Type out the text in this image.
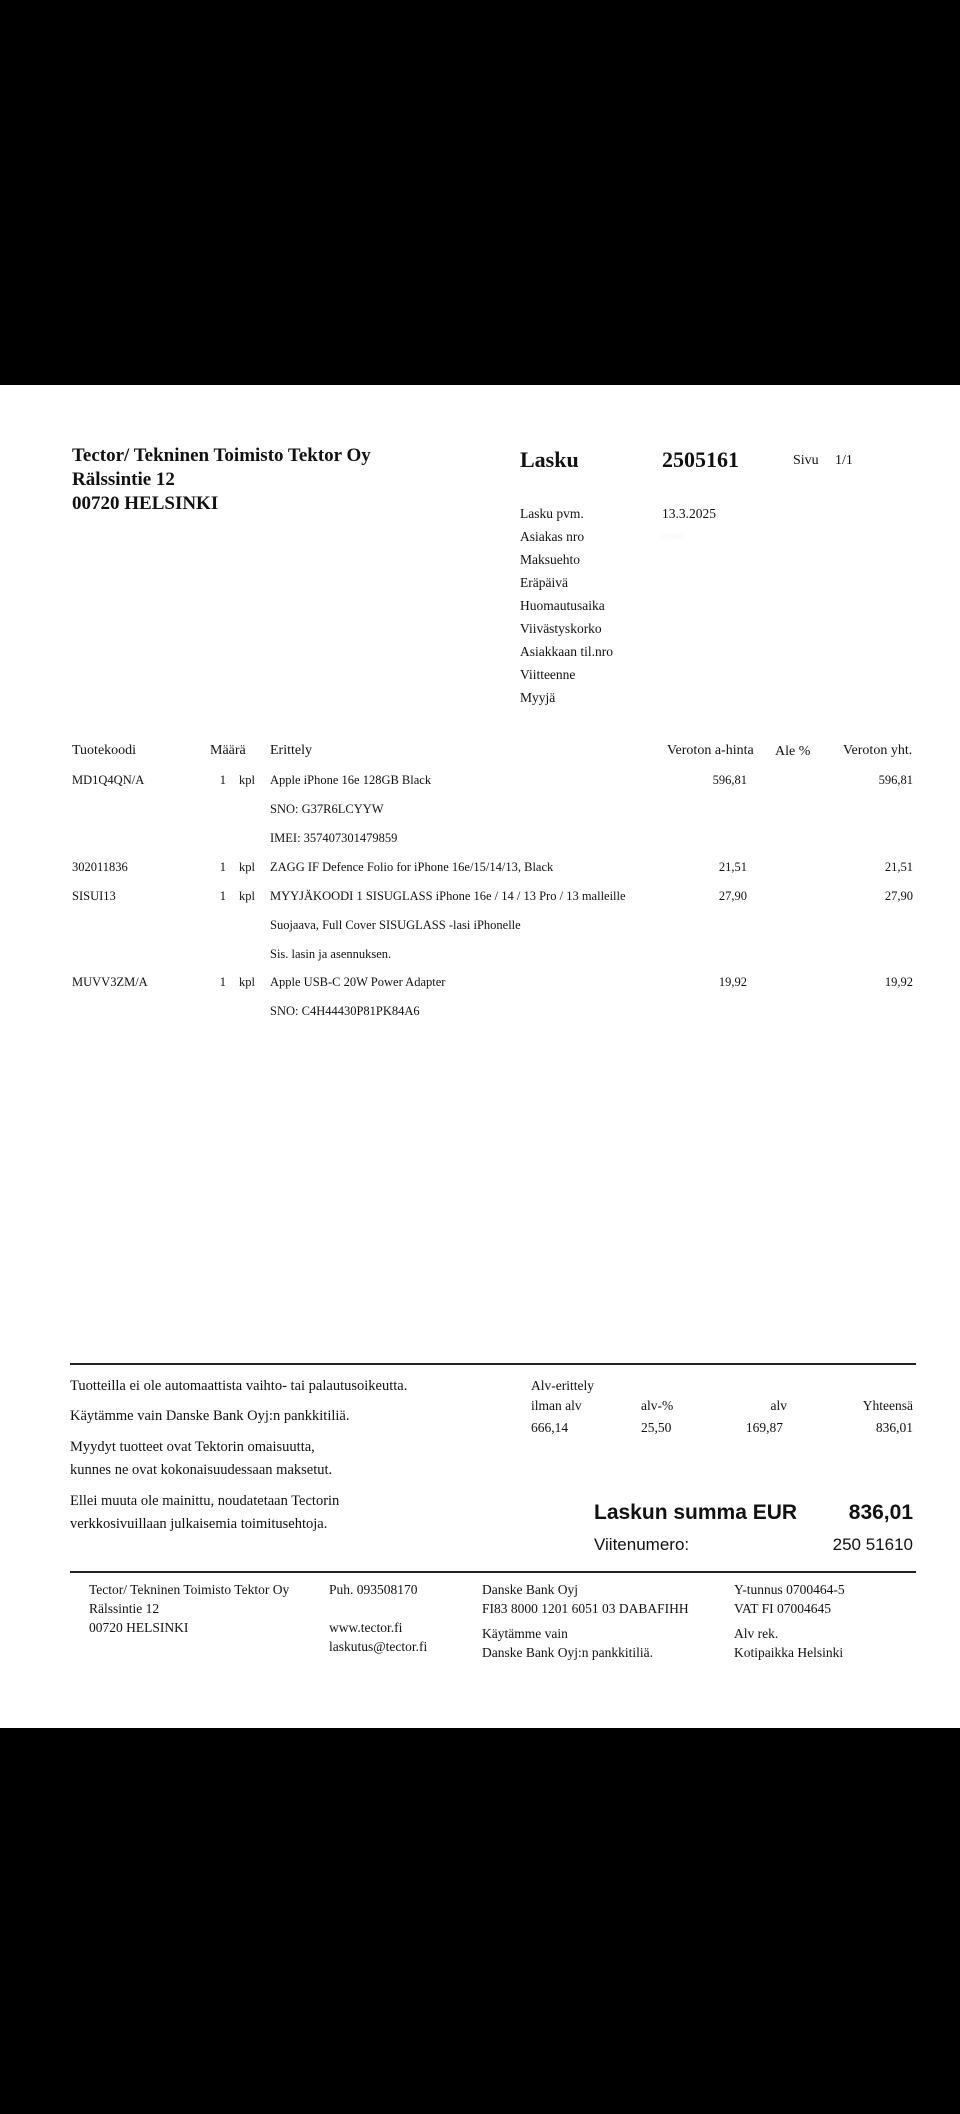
Tector/ Tekninen Toimisto Tektor Oy
Rälssintie 12
00720 HELSINKI
Lasku	2505161	Sivu 1/1
Lasku pvm.	13.3.2025
Asiakas nro	~~~
Maksuehto
Eräpäivä
Huomautusaika
Viivästyskorko
Asiakkaan til.nro
Viitteenne
Myyjä
Tuotekoodi	Määrä Erittely	Veroton a-hinta Ale % Veroton yht.
MD1Q4QN/A	1 kpl Apple iPhone 16e 128GB Black	596,81	596,81
SNO: G37R6LCYYW
IMEI: 357407301479859
302011836	1 kpl ZAGG IF Defence Folio for iPhone 16e/15/14/13, Black	21,51	21,51
SISUI13	1 kpl MYYJÄKOODI 1 SISUGLASS iPhone 16e / 14 / 13 Pro / 13 malleille	27,90	27,90
Suojaava, Full Cover SISUGLASS -lasi iPhonelle
Sis. lasin ja asennuksen.
MUVV3ZM/A	1 kpl Apple USB-C 20W Power Adapter	19,92	19,92
SNO: C4H44430P81PK84A6
Tuotteilla ei ole automaattista vaihto- tai palautusoikeutta.
Käytämme vain Danske Bank Oyj:n pankkitiliä.
Myydyt tuotteet ovat Tektorin omaisuutta,
kunnes ne ovat kokonaisuudessaan maksetut.
Ellei muuta ole mainittu, noudatetaan Tectorin
verkkosivuillaan julkaisemia toimitusehtoja.
Alv-erittely
ilman alv	alv-%	alv	Yhteensä
666,14	25,50	169,87	836,01
Laskun summa EUR	836,01
Viitenumero:	250 51610
Tector/ Tekninen Toimisto Tektor Oy
Rälssintie 12
00720 HELSINKI
Puh. 093508170
www.tector.fi
laskutus@tector.fi
Danske Bank Oyj
FI83 8000 1201 6051 03 DABAFIHH
Käytämme vain
Danske Bank Oyj:n pankkitiliä.
Y-tunnus 0700464-5
VAT FI 07004645
Alv rek.
Kotipaikka Helsinki
